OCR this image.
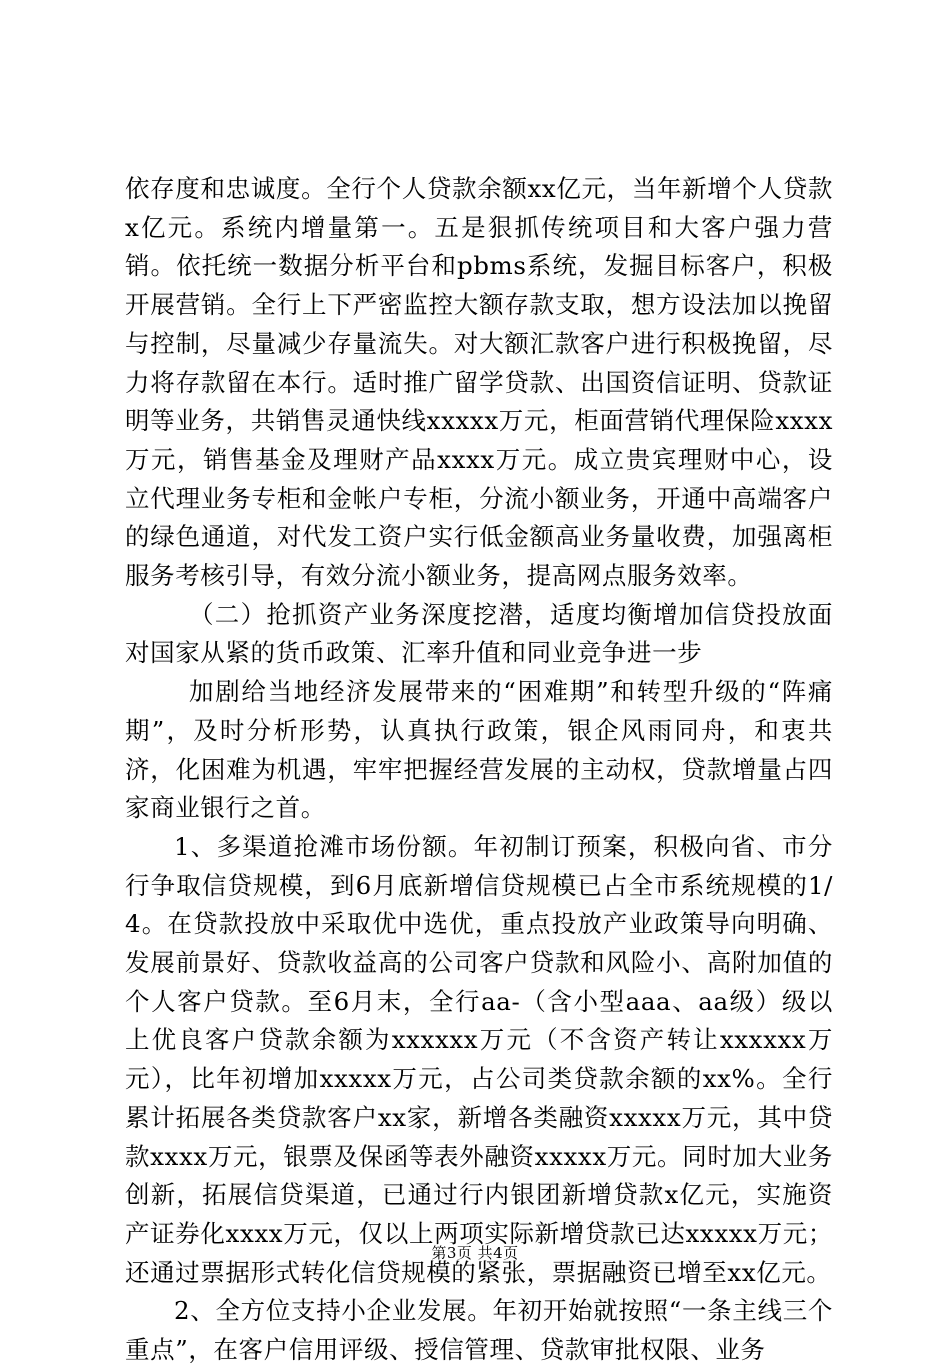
依存度和忠诚度。全行个人贷款余额xx亿元，当年新增个人贷款x亿元。系统内增量第一。五是狠抓传统项目和大客户强力营销。依托统一数据分析平台和pbms系统，发掘目标客户，积极开展营销。全行上下严密监控大额存款支取，想方设法加以挽留与控制，尽量减少存量流失。对大额汇款客户进行积极挽留，尽力将存款留在本行。适时推广留学贷款、出国资信证明、贷款证明等业务，共销售灵通快线xxxxx万元，柜面营销代理保险xxxx万元，销售基金及理财产品xxxx万元。成立贵宾理财中心，设立代理业务专柜和金帐户专柜，分流小额业务，开通中高端客户的绿色通道，对代发工资户实行低金额高业务量收费，加强离柜服务考核引导，有效分流小额业务，提高网点服务效率。

（二）抢抓资产业务深度挖潜，适度均衡增加信贷投放面对国家从紧的货币政策、汇率升值和同业竞争进一步

加剧给当地经济发展带来的“困难期”和转型升级的“阵痛期”，及时分析形势，认真执行政策，银企风雨同舟，和衷共济，化困难为机遇，牢牢把握经营发展的主动权，贷款增量占四家商业银行之首。

1、多渠道抢滩市场份额。年初制订预案，积极向省、市分行争取信贷规模，到6月底新增信贷规模已占全市系统规模的1/4。在贷款投放中采取优中选优，重点投放产业政策导向明确、发展前景好、贷款收益高的公司客户贷款和风险小、高附加值的个人客户贷款。至6月末，全行aa-（含小型aaa、aa级）级以上优良客户贷款余额为xxxxxx万元（不含资产转让xxxxxx万元），比年初增加xxxxx万元，占公司类贷款余额的xx%。全行累计拓展各类贷款客户xx家，新增各类融资xxxxx万元，其中贷款xxxx万元，银票及保函等表外融资xxxxx万元。同时加大业务创新，拓展信贷渠道，已通过行内银团新增贷款x亿元，实施资产证券化xxxx万元，仅以上两项实际新增贷款已达xxxxx万元；还通过票据形式转化信贷规模的紧张，票据融资已增至xx亿元。

2、全方位支持小企业发展。年初开始就按照“一条主线三个重点”，在客户信用评级、授信管理、贷款审批权限、业务

第3页 共4页
